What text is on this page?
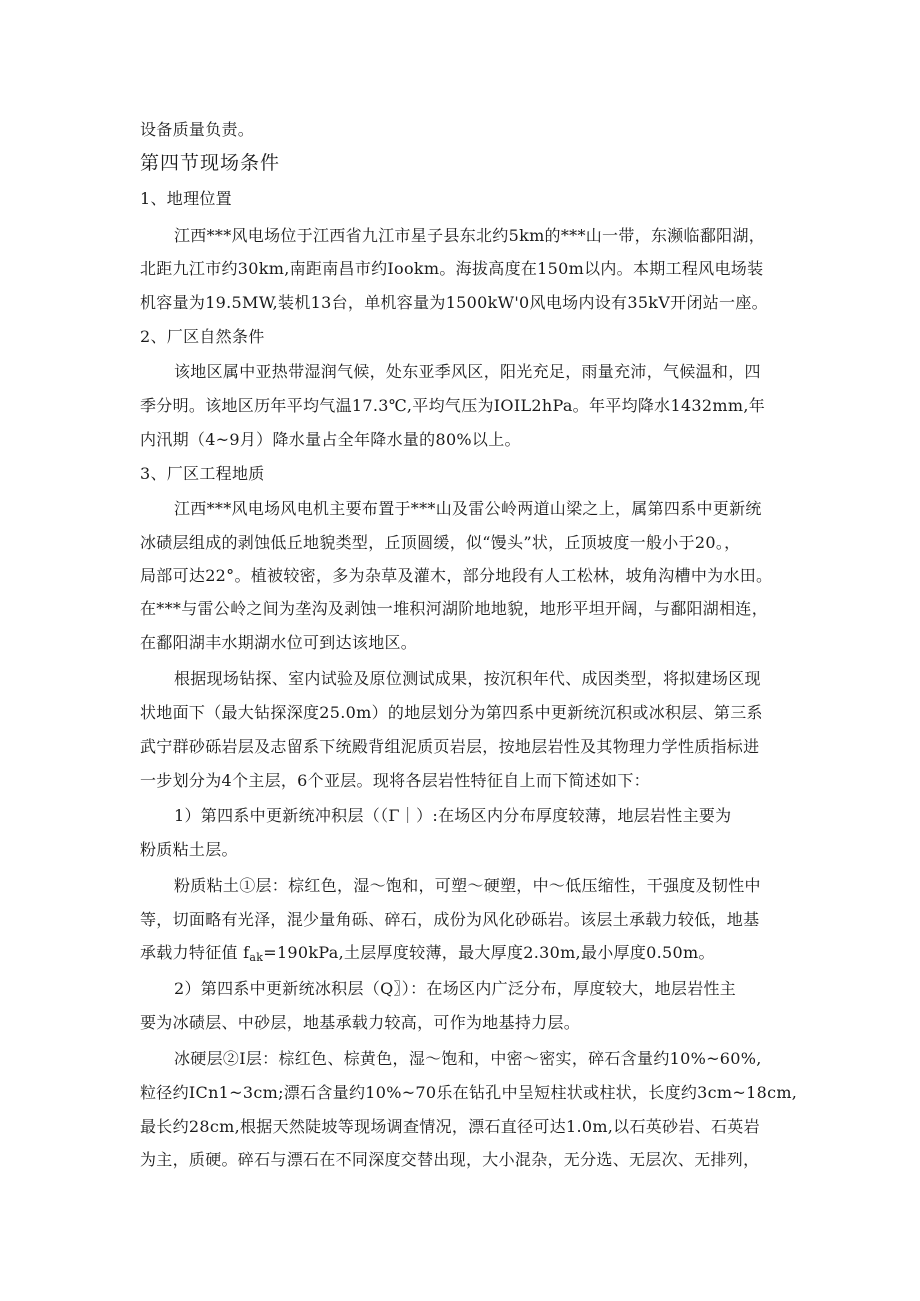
设备质量负责。
第四节现场条件
1、地理位置
江西***风电场位于江西省九江市星子县东北约5km的***山一带，东濒临鄱阳湖，
北距九江市约30km,南距南昌市约Iookm。海拔高度在150m以内。本期工程风电场装
机容量为19.5MW,装机13台，单机容量为1500kW'0风电场内设有35kV开闭站一座。
2、厂区自然条件
该地区属中亚热带湿润气候，处东亚季风区，阳光充足，雨量充沛，气候温和，四
季分明。该地区历年平均气温17.3℃,平均气压为IOIL2hPa。年平均降水1432mm,年
内汛期（4~9月）降水量占全年降水量的80%以上。
3、厂区工程地质
江西***风电场风电机主要布置于***山及雷公岭两道山梁之上，属第四系中更新统
冰碛层组成的剥蚀低丘地貌类型，丘顶圆缓，似“馒头”状，丘顶坡度一般小于20。，
局部可达22°。植被较密，多为杂草及灌木，部分地段有人工松林，坡角沟槽中为水田。
在***与雷公岭之间为垄沟及剥蚀一堆积河湖阶地地貌，地形平坦开阔，与鄱阳湖相连，
在鄱阳湖丰水期湖水位可到达该地区。
根据现场钻探、室内试验及原位测试成果，按沉积年代、成因类型，将拟建场区现
状地面下（最大钻探深度25.0m）的地层划分为第四系中更新统沉积或冰积层、第三系
武宁群砂砾岩层及志留系下统殿背组泥质页岩层，按地层岩性及其物理力学性质指标进
一步划分为4个主层，6个亚层。现将各层岩性特征自上而下简述如下：
1）第四系中更新统冲积层（（Γ｜）:在场区内分布厚度较薄，地层岩性主要为
粉质粘土层。
粉质粘土①层：棕红色，湿～饱和，可塑～硬塑，中～低压缩性，干强度及韧性中
等，切面略有光泽，混少量角砾、碎石，成份为风化砂砾岩。该层土承载力较低，地基
承载力特征值 $f_{ak}=190kPa$,土层厚度较薄，最大厚度2.30m,最小厚度0.50m。
2）第四系中更新统冰积层（Q〗）：在场区内广泛分布，厚度较大，地层岩性主
要为冰碛层、中砂层，地基承载力较高，可作为地基持力层。
冰硬层②I层：棕红色、棕黄色，湿～饱和，中密～密实，碎石含量约10%~60%,
粒径约ICn1~3cm;漂石含量约10%~70乐在钻孔中呈短柱状或柱状，长度约3cm~18cm,
最长约28cm,根据天然陡坡等现场调查情况，漂石直径可达1.0m,以石英砂岩、石英岩
为主，质硬。碎石与漂石在不同深度交替出现，大小混杂，无分选、无层次、无排列，
